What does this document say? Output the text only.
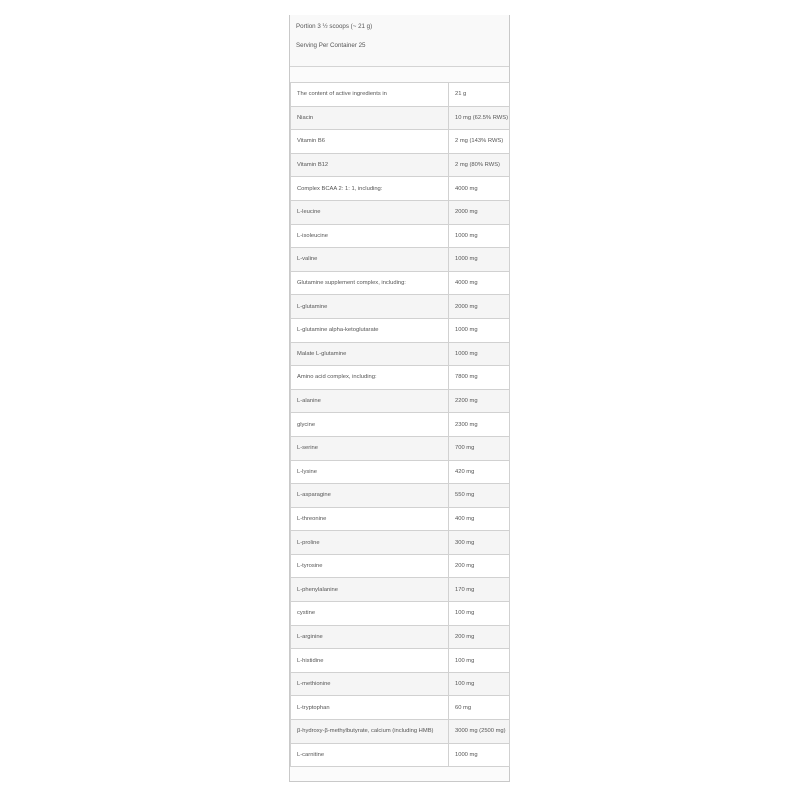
Portion 3 ½ scoops (~ 21 g)
Serving Per Container 25
The content of active ingredients in	21 g
Niacin	10 mg (62.5% RWS)
Vitamin B6	2 mg (143% RWS)
Vitamin B12	2 mg (80% RWS)
Complex BCAA 2: 1: 1, including:	4000 mg
L-leucine	2000 mg
L-isoleucine	1000 mg
L-valine	1000 mg
Glutamine supplement complex, including:	4000 mg
L-glutamine	2000 mg
L-glutamine alpha-ketoglutarate	1000 mg
Malate L-glutamine	1000 mg
Amino acid complex, including:	7800 mg
L-alanine	2200 mg
glycine	2300 mg
L-serine	700 mg
L-lysine	420 mg
L-asparagine	550 mg
L-threonine	400 mg
L-proline	300 mg
L-tyrosine	200 mg
L-phenylalanine	170 mg
cystine	100 mg
L-arginine	200 mg
L-histidine	100 mg
L-methionine	100 mg
L-tryptophan	60 mg
β-hydroxy-β-methylbutyrate, calcium (including HMB)	3000 mg (2500 mg)
L-carnitine	1000 mg
